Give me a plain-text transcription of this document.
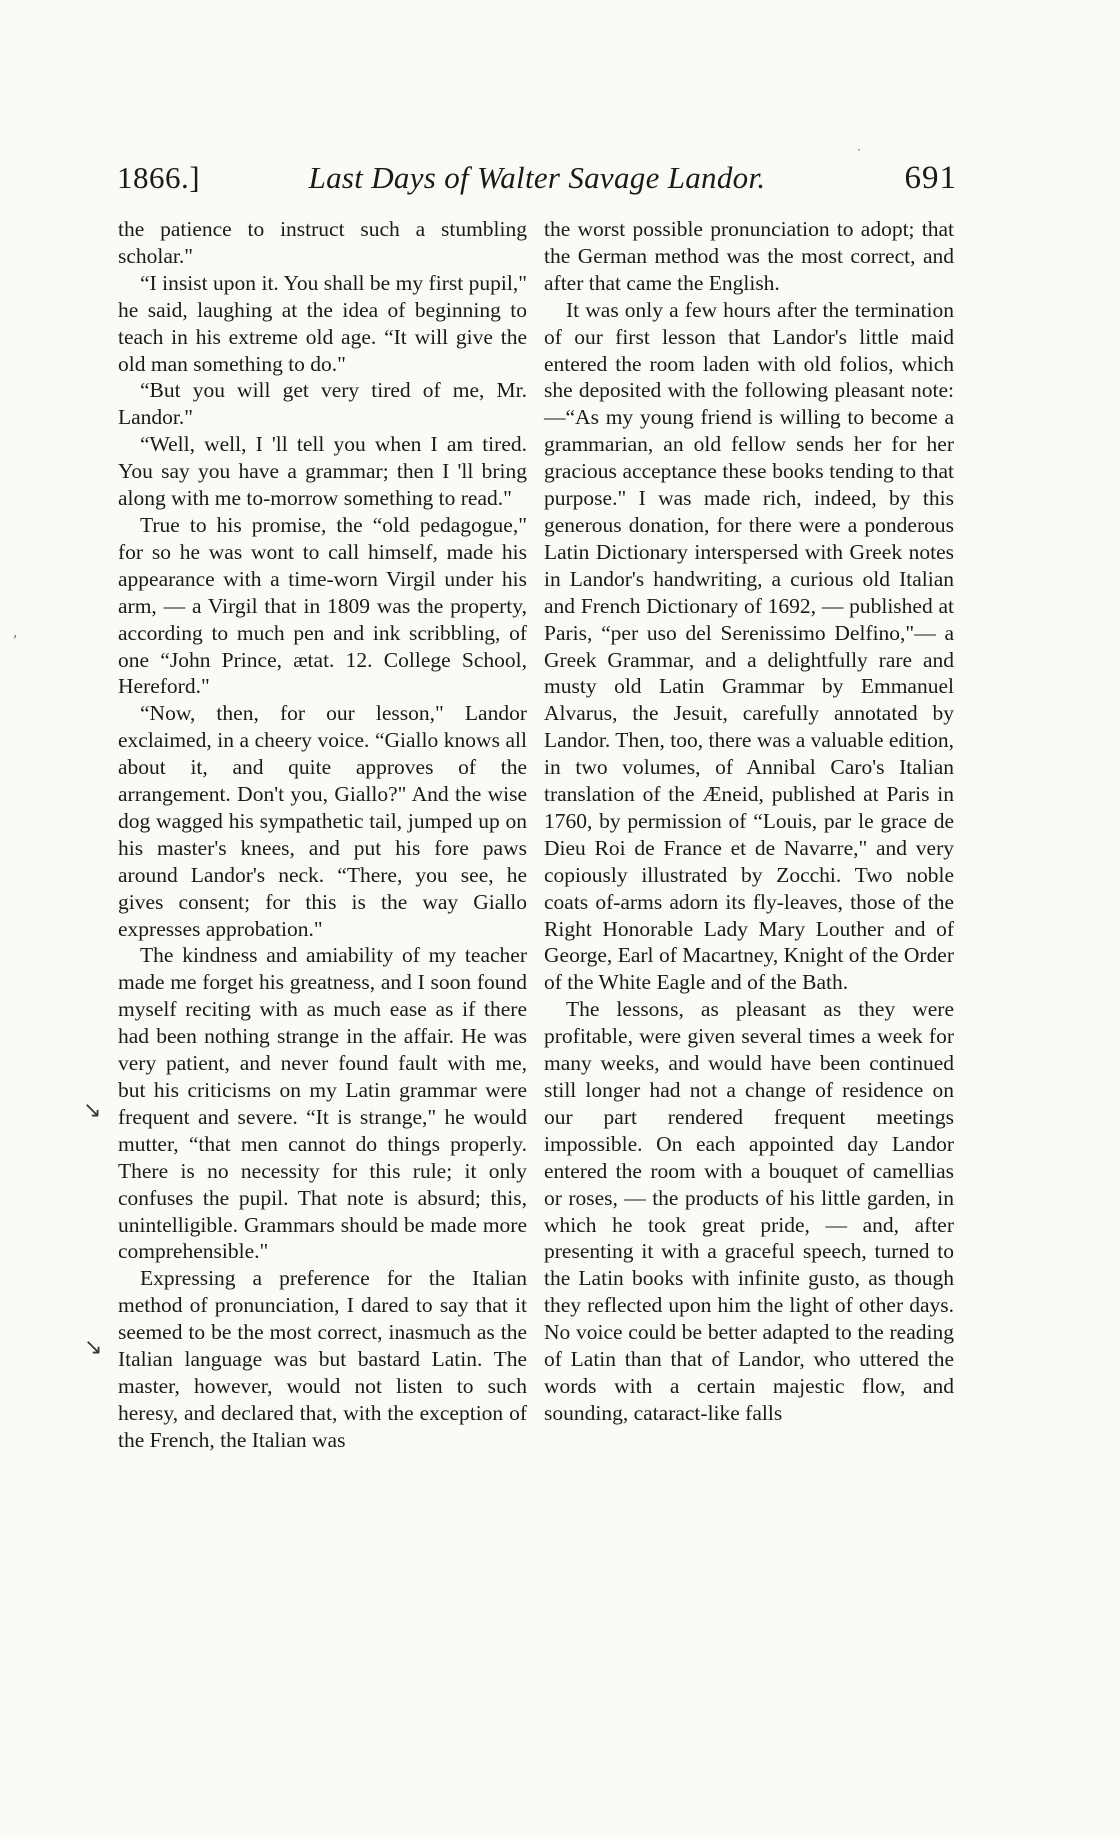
1866.]	Last Days of Walter Savage Landor.	691

the patience to instruct such a stumbling scholar."

“I insist upon it. You shall be my first pupil," he said, laughing at the idea of beginning to teach in his extreme old age. “It will give the old man something to do."

“But you will get very tired of me, Mr. Landor."

“Well, well, I 'll tell you when I am tired. You say you have a grammar; then I 'll bring along with me to-morrow something to read."

True to his promise, the “old pedagogue," for so he was wont to call himself, made his appearance with a time-worn Virgil under his arm, — a Virgil that in 1809 was the property, according to much pen and ink scribbling, of one “John Prince, ætat. 12. College School, Hereford."

“Now, then, for our lesson," Landor exclaimed, in a cheery voice. “Giallo knows all about it, and quite approves of the arrangement. Don't you, Giallo?" And the wise dog wagged his sympathetic tail, jumped up on his master's knees, and put his fore paws around Landor's neck. “There, you see, he gives consent; for this is the way Giallo expresses approbation."

The kindness and amiability of my teacher made me forget his greatness, and I soon found myself reciting with as much ease as if there had been nothing strange in the affair. He was very patient, and never found fault with me, but his criticisms on my Latin grammar were frequent and severe. “It is strange," he would mutter, “that men cannot do things properly. There is no necessity for this rule; it only confuses the pupil. That note is absurd; this, unintelligible. Grammars should be made more comprehensible."

Expressing a preference for the Italian method of pronunciation, I dared to say that it seemed to be the most correct, inasmuch as the Italian language was but bastard Latin. The master, however, would not listen to such heresy, and declared that, with the exception of the French, the Italian was

the worst possible pronunciation to adopt; that the German method was the most correct, and after that came the English.

It was only a few hours after the termination of our first lesson that Landor's little maid entered the room laden with old folios, which she deposited with the following pleasant note:—“As my young friend is willing to become a grammarian, an old fellow sends her for her gracious acceptance these books tending to that purpose." I was made rich, indeed, by this generous donation, for there were a ponderous Latin Dictionary interspersed with Greek notes in Landor's handwriting, a curious old Italian and French Dictionary of 1692, — published at Paris, “per uso del Serenissimo Delfino,"— a Greek Grammar, and a delightfully rare and musty old Latin Grammar by Emmanuel Alvarus, the Jesuit, carefully annotated by Landor. Then, too, there was a valuable edition, in two volumes, of Annibal Caro's Italian translation of the Æneid, published at Paris in 1760, by permission of “Louis, par le grace de Dieu Roi de France et de Navarre," and very copiously illustrated by Zocchi. Two noble coats of-arms adorn its fly-leaves, those of the Right Honorable Lady Mary Louther and of George, Earl of Macartney, Knight of the Order of the White Eagle and of the Bath.

The lessons, as pleasant as they were profitable, were given several times a week for many weeks, and would have been continued still longer had not a change of residence on our part rendered frequent meetings impossible. On each appointed day Landor entered the room with a bouquet of camellias or roses, — the products of his little garden, in which he took great pride, — and, after presenting it with a graceful speech, turned to the Latin books with infinite gusto, as though they reflected upon him the light of other days. No voice could be better adapted to the reading of Latin than that of Landor, who uttered the words with a certain majestic flow, and sounding, cataract-like falls

↘
↘
,
·
